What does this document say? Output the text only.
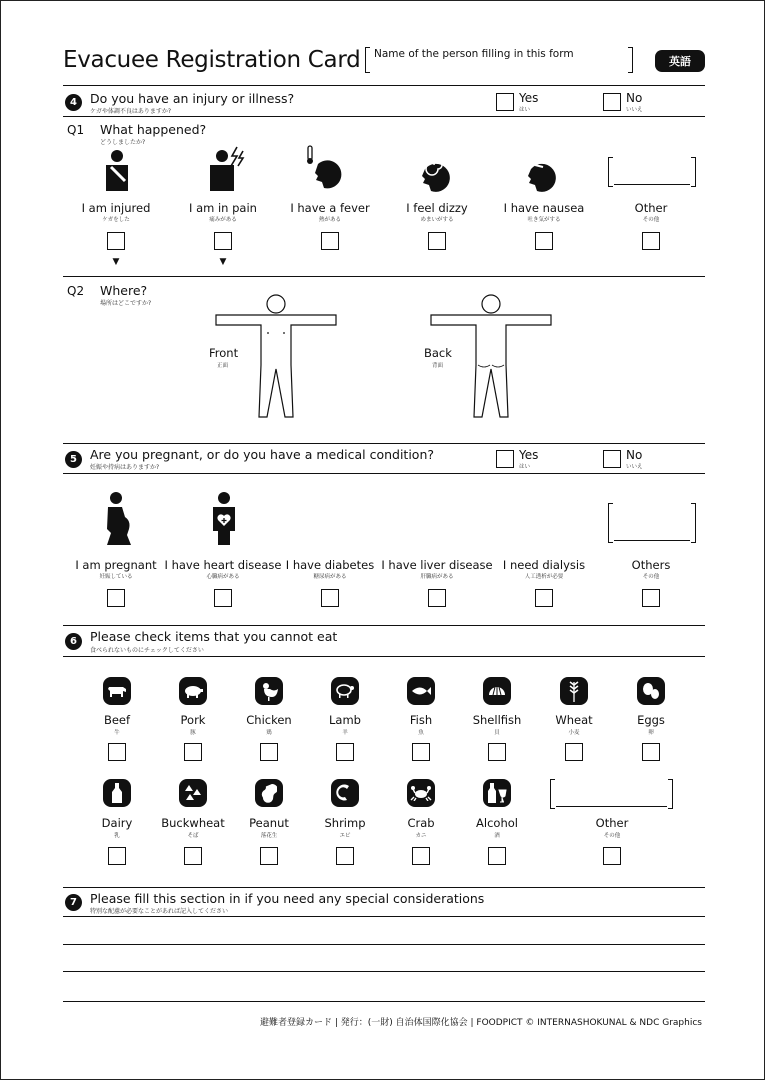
Evacuee Registration Card Name of the person filling in this form
英語
4	Do you have an injury or illness?
ケガや体調不良はありますか?
Yes
はい
No
いいえ
Q1 What happened?
どうしましたか?
I am injured
ケガをした
▼
I am in pain
痛みがある
▼
I have a fever
熱がある
I feel dizzy
めまいがする
I have nausea
吐き気がする
Other
その他
Q2 Where?
場所はどこですか?
Front
正面
Back
背面
5	Are you pregnant, or do you have a medical condition?
妊娠や持病はありますか?
Yes
はい
No
いいえ
I am pregnant
妊娠している
I have heart disease
心臓病がある
I have diabetes
糖尿病がある
I have liver disease
肝臓病がある
I need dialysis
人工透析が必要
Others
その他
6	Please check items that you cannot eat
食べられないものにチェックしてください
Beef
牛
Pork
豚
Chicken
鶏
Lamb
羊
Fish
魚
Shellfish
貝
Wheat
小麦
Eggs
卵
Dairy
乳
Buckwheat
そば
Peanut
落花生
Shrimp
エビ
Crab
カニ
Alcohol
酒
Other
その他
7	Please fill this section in if you need any special considerations
特別な配慮が必要なことがあれば記入してください
避難者登録カード | 発行：(一財) 自治体国際化協会 | FOODPICT © INTERNASHOKUNAL & NDC Graphics
